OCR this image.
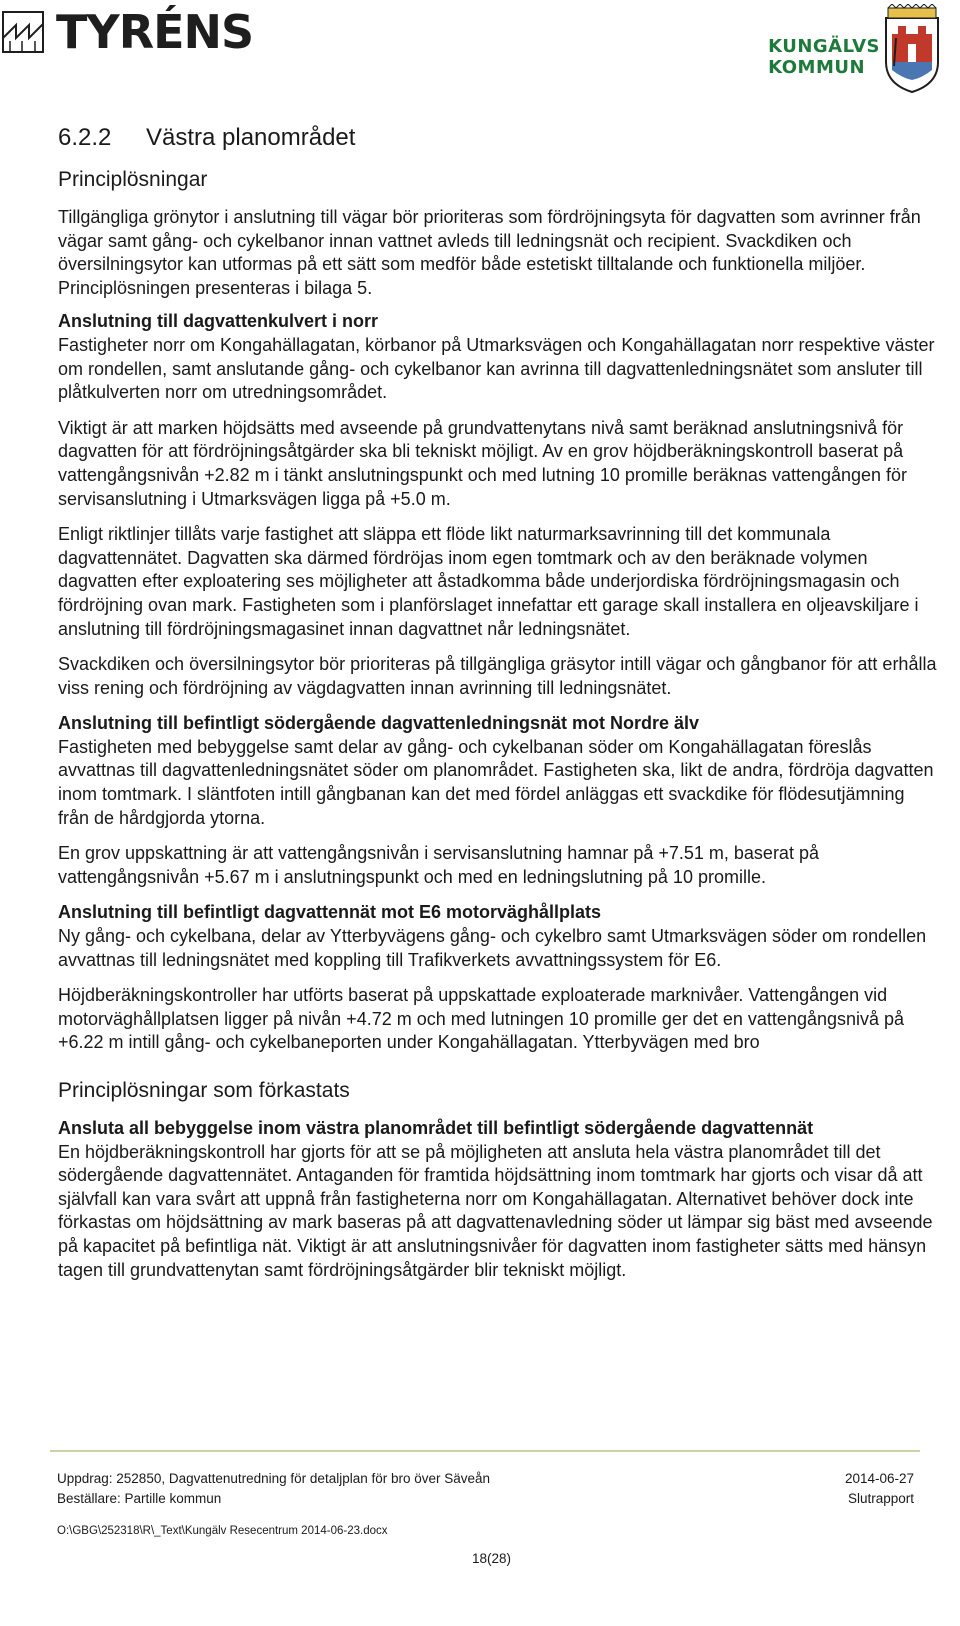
TYRÉNS	KUNGÄLVS
KOMMUN
6.2.2 Västra planområdet
Principlösningar

Tillgängliga grönytor i anslutning till vägar bör prioriteras som fördröjningsyta för dagvatten som avrinner från vägar samt gång- och cykelbanor innan vattnet avleds till ledningsnät och recipient. Svackdiken och översilningsytor kan utformas på ett sätt som medför både estetiskt tilltalande och funktionella miljöer. Principlösningen presenteras i bilaga 5.

Anslutning till dagvattenkulvert i norr

Fastigheter norr om Kongahällagatan, körbanor på Utmarksvägen och Kongahällagatan norr respektive väster om rondellen, samt anslutande gång- och cykelbanor kan avrinna till dagvattenledningsnätet som ansluter till plåtkulverten norr om utredningsområdet.

Viktigt är att marken höjdsätts med avseende på grundvattenytans nivå samt beräknad anslutningsnivå för dagvatten för att fördröjningsåtgärder ska bli tekniskt möjligt. Av en grov höjdberäkningskontroll baserat på vattengångsnivån +2.82 m i tänkt anslutningspunkt och med lutning 10 promille beräknas vattengången för servisanslutning i Utmarksvägen ligga på +5.0 m.

Enligt riktlinjer tillåts varje fastighet att släppa ett flöde likt naturmarksavrinning till det kommunala dagvattennätet. Dagvatten ska därmed fördröjas inom egen tomtmark och av den beräknade volymen dagvatten efter exploatering ses möjligheter att åstadkomma både underjordiska fördröjningsmagasin och fördröjning ovan mark. Fastigheten som i planförslaget innefattar ett garage skall installera en oljeavskiljare i anslutning till fördröjningsmagasinet innan dagvattnet når ledningsnätet.

Svackdiken och översilningsytor bör prioriteras på tillgängliga gräsytor intill vägar och gångbanor för att erhålla viss rening och fördröjning av vägdagvatten innan avrinning till ledningsnätet.

Anslutning till befintligt södergående dagvattenledningsnät mot Nordre älv

Fastigheten med bebyggelse samt delar av gång- och cykelbanan söder om Kongahällagatan föreslås avvattnas till dagvattenledningsnätet söder om planområdet. Fastigheten ska, likt de andra, fördröja dagvatten inom tomtmark. I släntfoten intill gångbanan kan det med fördel anläggas ett svackdike för flödesutjämning från de hårdgjorda ytorna.

En grov uppskattning är att vattengångsnivån i servisanslutning hamnar på +7.51 m, baserat på vattengångsnivån +5.67 m i anslutningspunkt och med en ledningslutning på 10 promille.

Anslutning till befintligt dagvattennät mot E6 motorväghållplats

Ny gång- och cykelbana, delar av Ytterbyvägens gång- och cykelbro samt Utmarksvägen söder om rondellen avvattnas till ledningsnätet med koppling till Trafikverkets avvattningssystem för E6.

Höjdberäkningskontroller har utförts baserat på uppskattade exploaterade marknivåer. Vattengången vid motorväghållplatsen ligger på nivån +4.72 m och med lutningen 10 promille ger det en vattengångsnivå på +6.22 m intill gång- och cykelbaneporten under Kongahällagatan. Ytterbyvägen med bro

Principlösningar som förkastats

Ansluta all bebyggelse inom västra planområdet till befintligt södergående dagvattennät

En höjdberäkningskontroll har gjorts för att se på möjligheten att ansluta hela västra planområdet till det södergående dagvattennätet. Antaganden för framtida höjdsättning inom tomtmark har gjorts och visar då att självfall kan vara svårt att uppnå från fastigheterna norr om Kongahällagatan. Alternativet behöver dock inte förkastas om höjdsättning av mark baseras på att dagvattenavledning söder ut lämpar sig bäst med avseende på kapacitet på befintliga nät. Viktigt är att anslutningsnivåer för dagvatten inom fastigheter sätts med hänsyn tagen till grundvattenytan samt fördröjningsåtgärder blir tekniskt möjligt.

Uppdrag: 252850, Dagvattenutredning för detaljplan för bro över Säveån	2014-06-27
Beställare: Partille kommun	Slutrapport
O:\GBG\252318\R\_Text\Kungälv Resecentrum 2014-06-23.docx
18(28)
